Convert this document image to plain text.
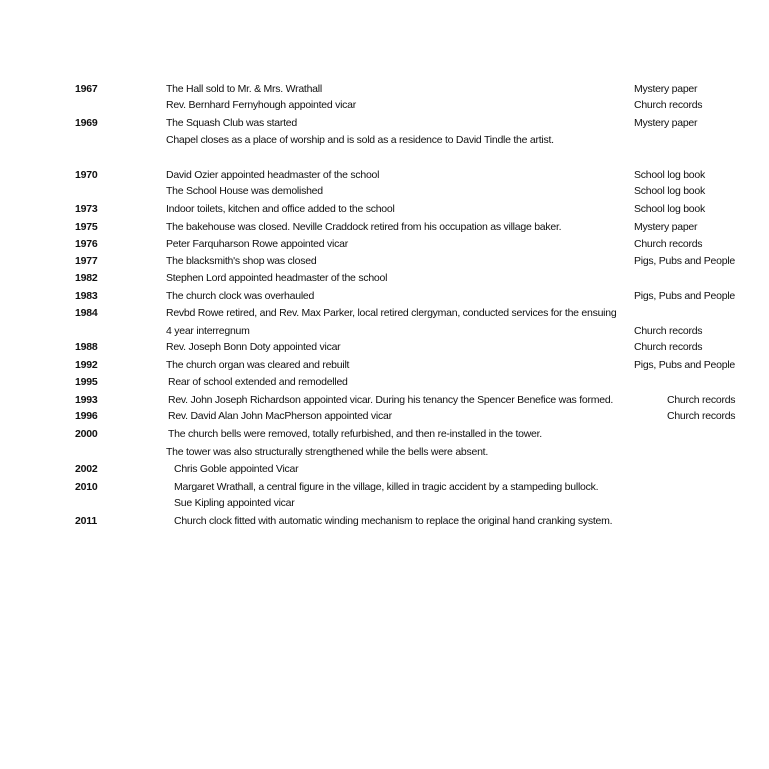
1967	The Hall sold to Mr. & Mrs. Wrathall	Mystery paper
Rev. Bernhard Fernyhough appointed vicar	Church records
1969	The Squash Club was started	Mystery paper
Chapel closes as a place of worship and is sold as a residence to David Tindle the artist.
1970	David Ozier appointed headmaster of the school	School log book
The School House was demolished	School log book
1973	Indoor toilets, kitchen and office added to the school	School log book
1975	The bakehouse was closed. Neville Craddock retired from his occupation as village baker.	Mystery paper
1976	Peter Farquharson Rowe appointed vicar	Church records
1977	The blacksmith's shop was closed	Pigs, Pubs and People
1982	Stephen Lord appointed headmaster of the school
1983	The church clock was overhauled	Pigs, Pubs and People
1984	Revbd Rowe retired, and Rev. Max Parker, local retired clergyman, conducted services for the ensuing
4 year interregnum	Church records
1988	Rev. Joseph Bonn Doty appointed vicar	Church records
1992	The church organ was cleared and rebuilt	Pigs, Pubs and People
1995	Rear of school extended and remodelled
1993	Rev. John Joseph Richardson appointed vicar. During his tenancy the Spencer Benefice was formed.	Church records
1996	Rev. David Alan John MacPherson appointed vicar	Church records
2000	The church bells were removed, totally refurbished, and then re-installed in the tower.
The tower was also structurally strengthened while the bells were absent.
2002	Chris Goble appointed Vicar
2010	Margaret Wrathall, a central figure in the village, killed in tragic accident by a stampeding bullock.
Sue Kipling appointed vicar
2011	Church clock fitted with automatic winding mechanism to replace the original hand cranking system.
